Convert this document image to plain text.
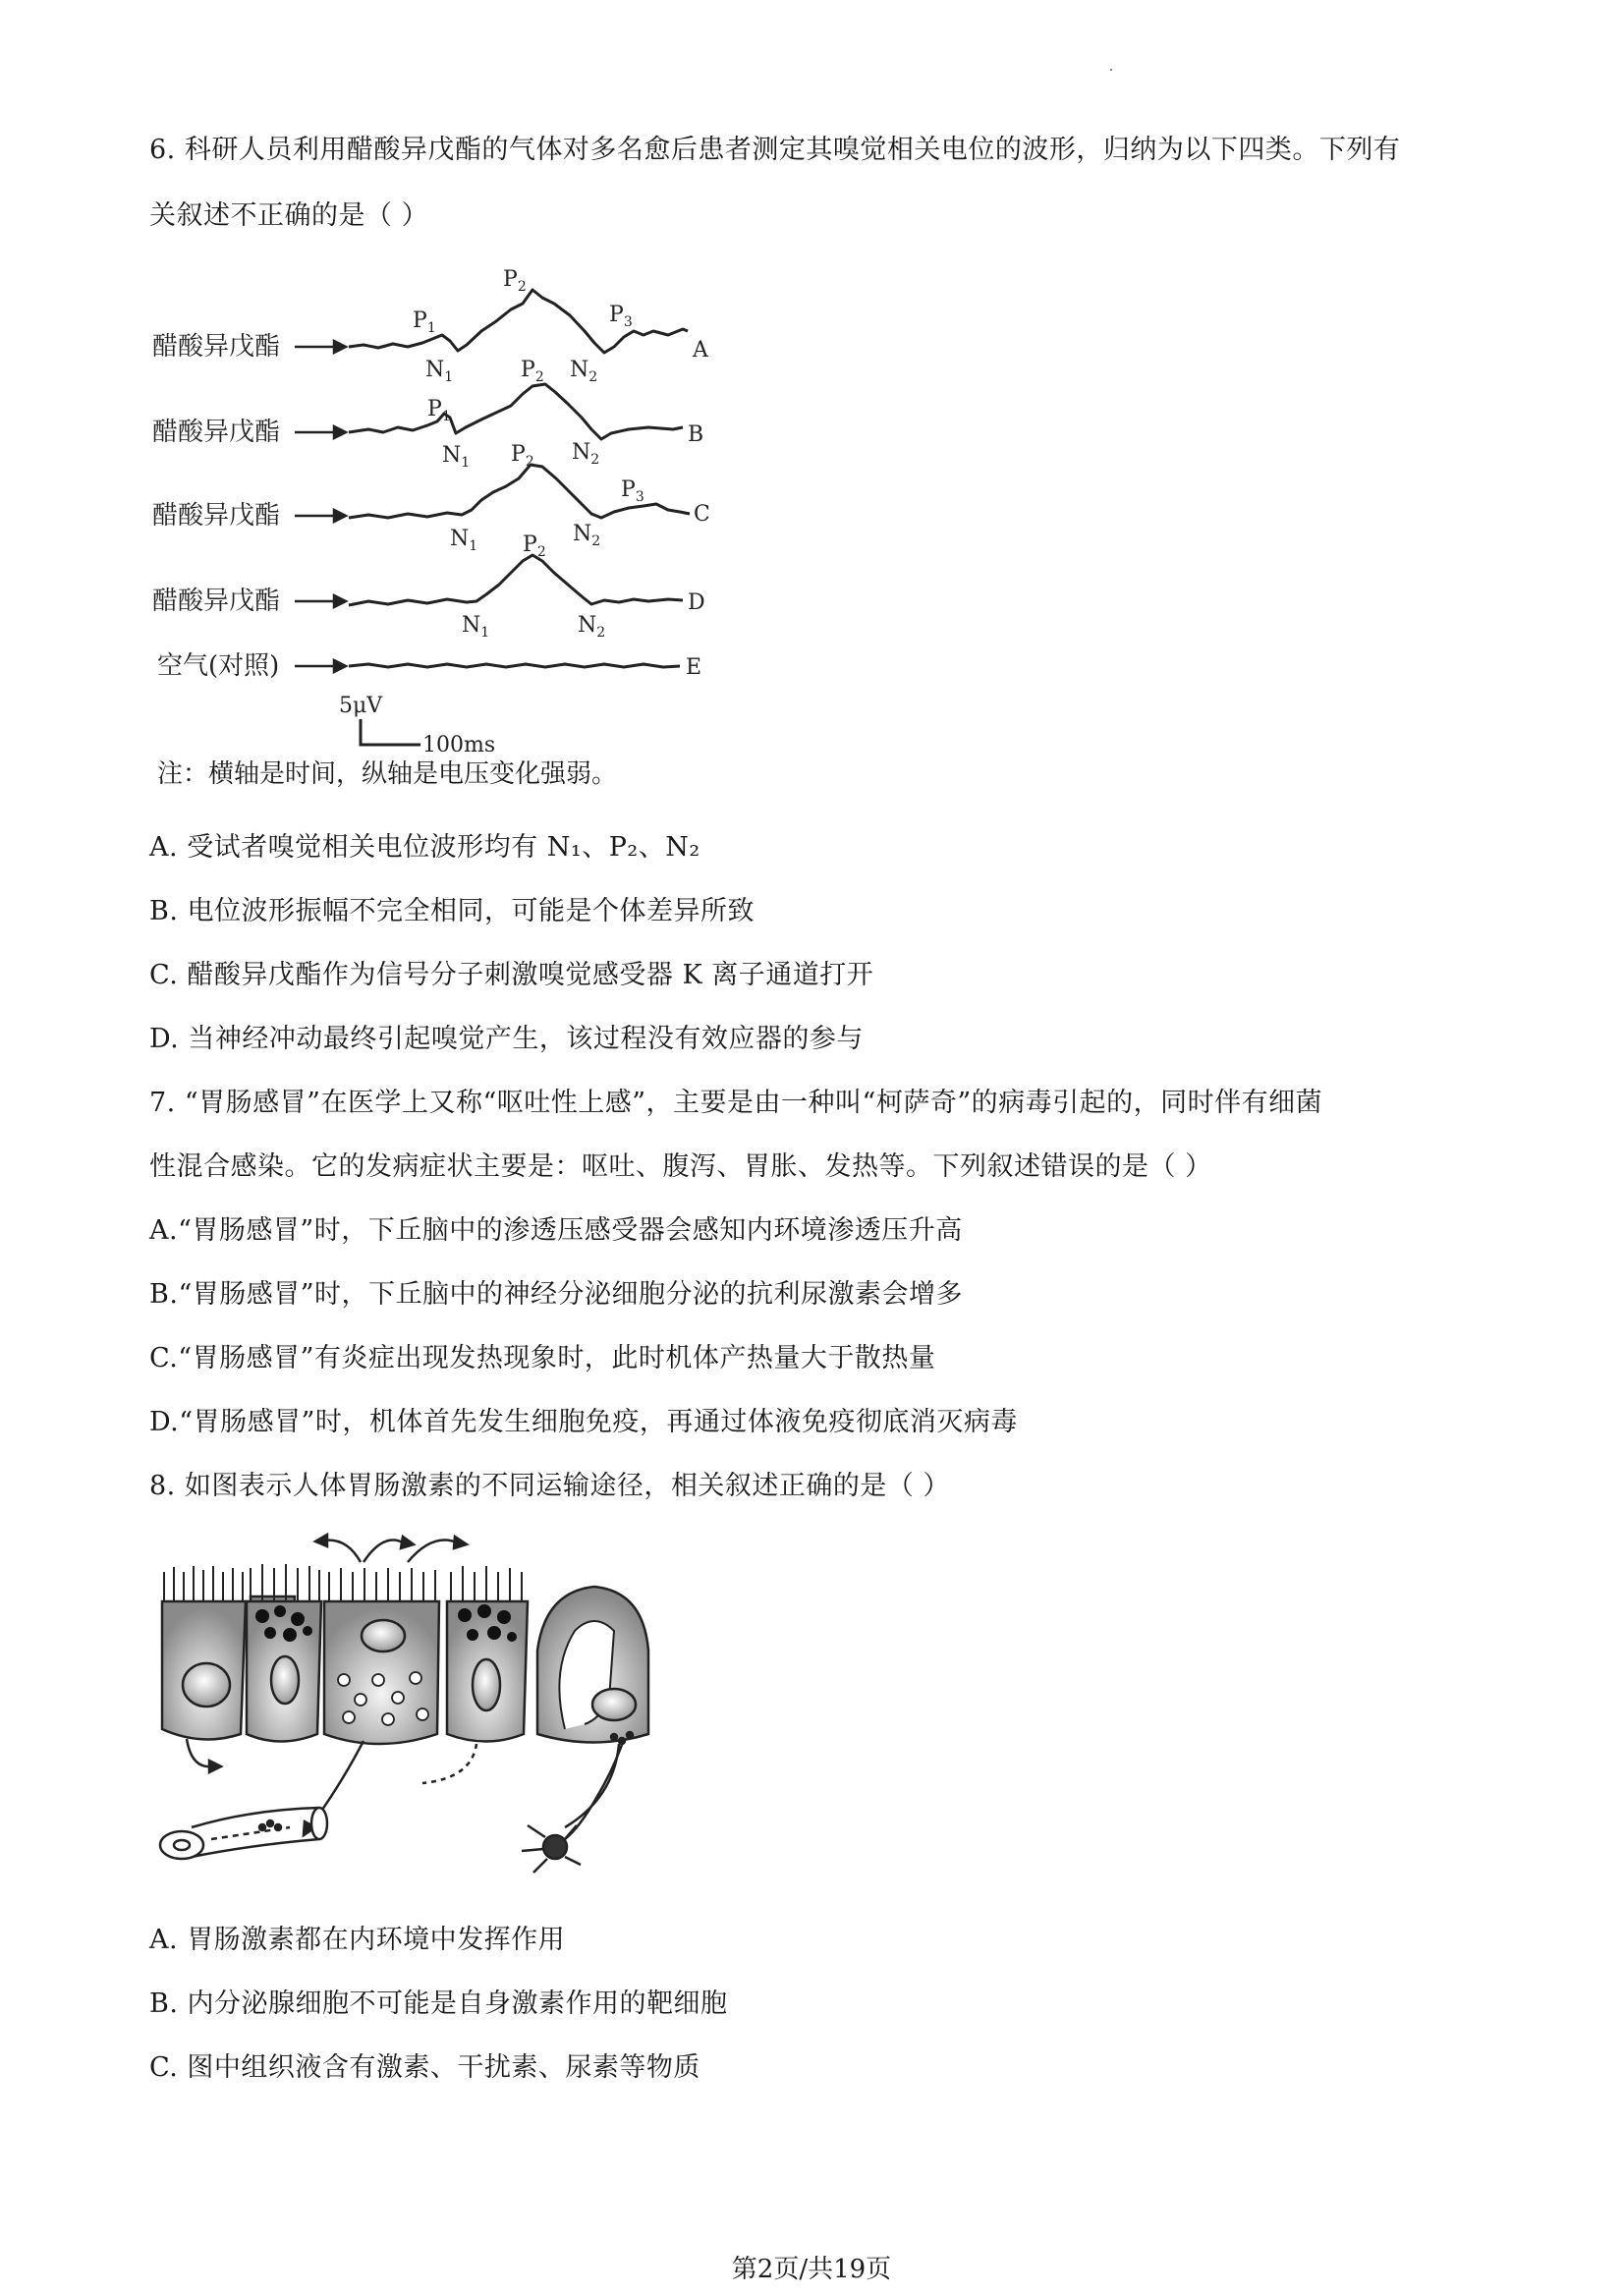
6. 科研人员利用醋酸异戊酯的气体对多名愈后患者测定其嗅觉相关电位的波形，归纳为以下四类。下列有
关叙述不正确的是（ ）
醋酸异戊酯
醋酸异戊酯
醋酸异戊酯
醋酸异戊酯
空气(对照)
A
B
C
D
E
$P_1$
$N_1$
$P_2$
$N_2$
$P_3$
$P_1$
$N_1$
$P_2$
$N_2$
$P_2$
$N_1$	$N_2$
$P_3$
$P_2$
$N_1$	$N_2$
5μV
100ms
注：横轴是时间，纵轴是电压变化强弱。
A. 受试者嗅觉相关电位波形均有 N₁、P₂、N₂
B. 电位波形振幅不完全相同，可能是个体差异所致
C. 醋酸异戊酯作为信号分子刺激嗅觉感受器 K 离子通道打开
D. 当神经冲动最终引起嗅觉产生，该过程没有效应器的参与
7. “胃肠感冒”在医学上又称“呕吐性上感”，主要是由一种叫“柯萨奇”的病毒引起的，同时伴有细菌
性混合感染。它的发病症状主要是：呕吐、腹泻、胃胀、发热等。下列叙述错误的是（ ）
A.“胃肠感冒”时，下丘脑中的渗透压感受器会感知内环境渗透压升高
B.“胃肠感冒”时，下丘脑中的神经分泌细胞分泌的抗利尿激素会增多
C.“胃肠感冒”有炎症出现发热现象时，此时机体产热量大于散热量
D.“胃肠感冒”时，机体首先发生细胞免疫，再通过体液免疫彻底消灭病毒
8. 如图表示人体胃肠激素的不同运输途径，相关叙述正确的是（ ）
A. 胃肠激素都在内环境中发挥作用
B. 内分泌腺细胞不可能是自身激素作用的靶细胞
C. 图中组织液含有激素、干扰素、尿素等物质
第2页/共19页
